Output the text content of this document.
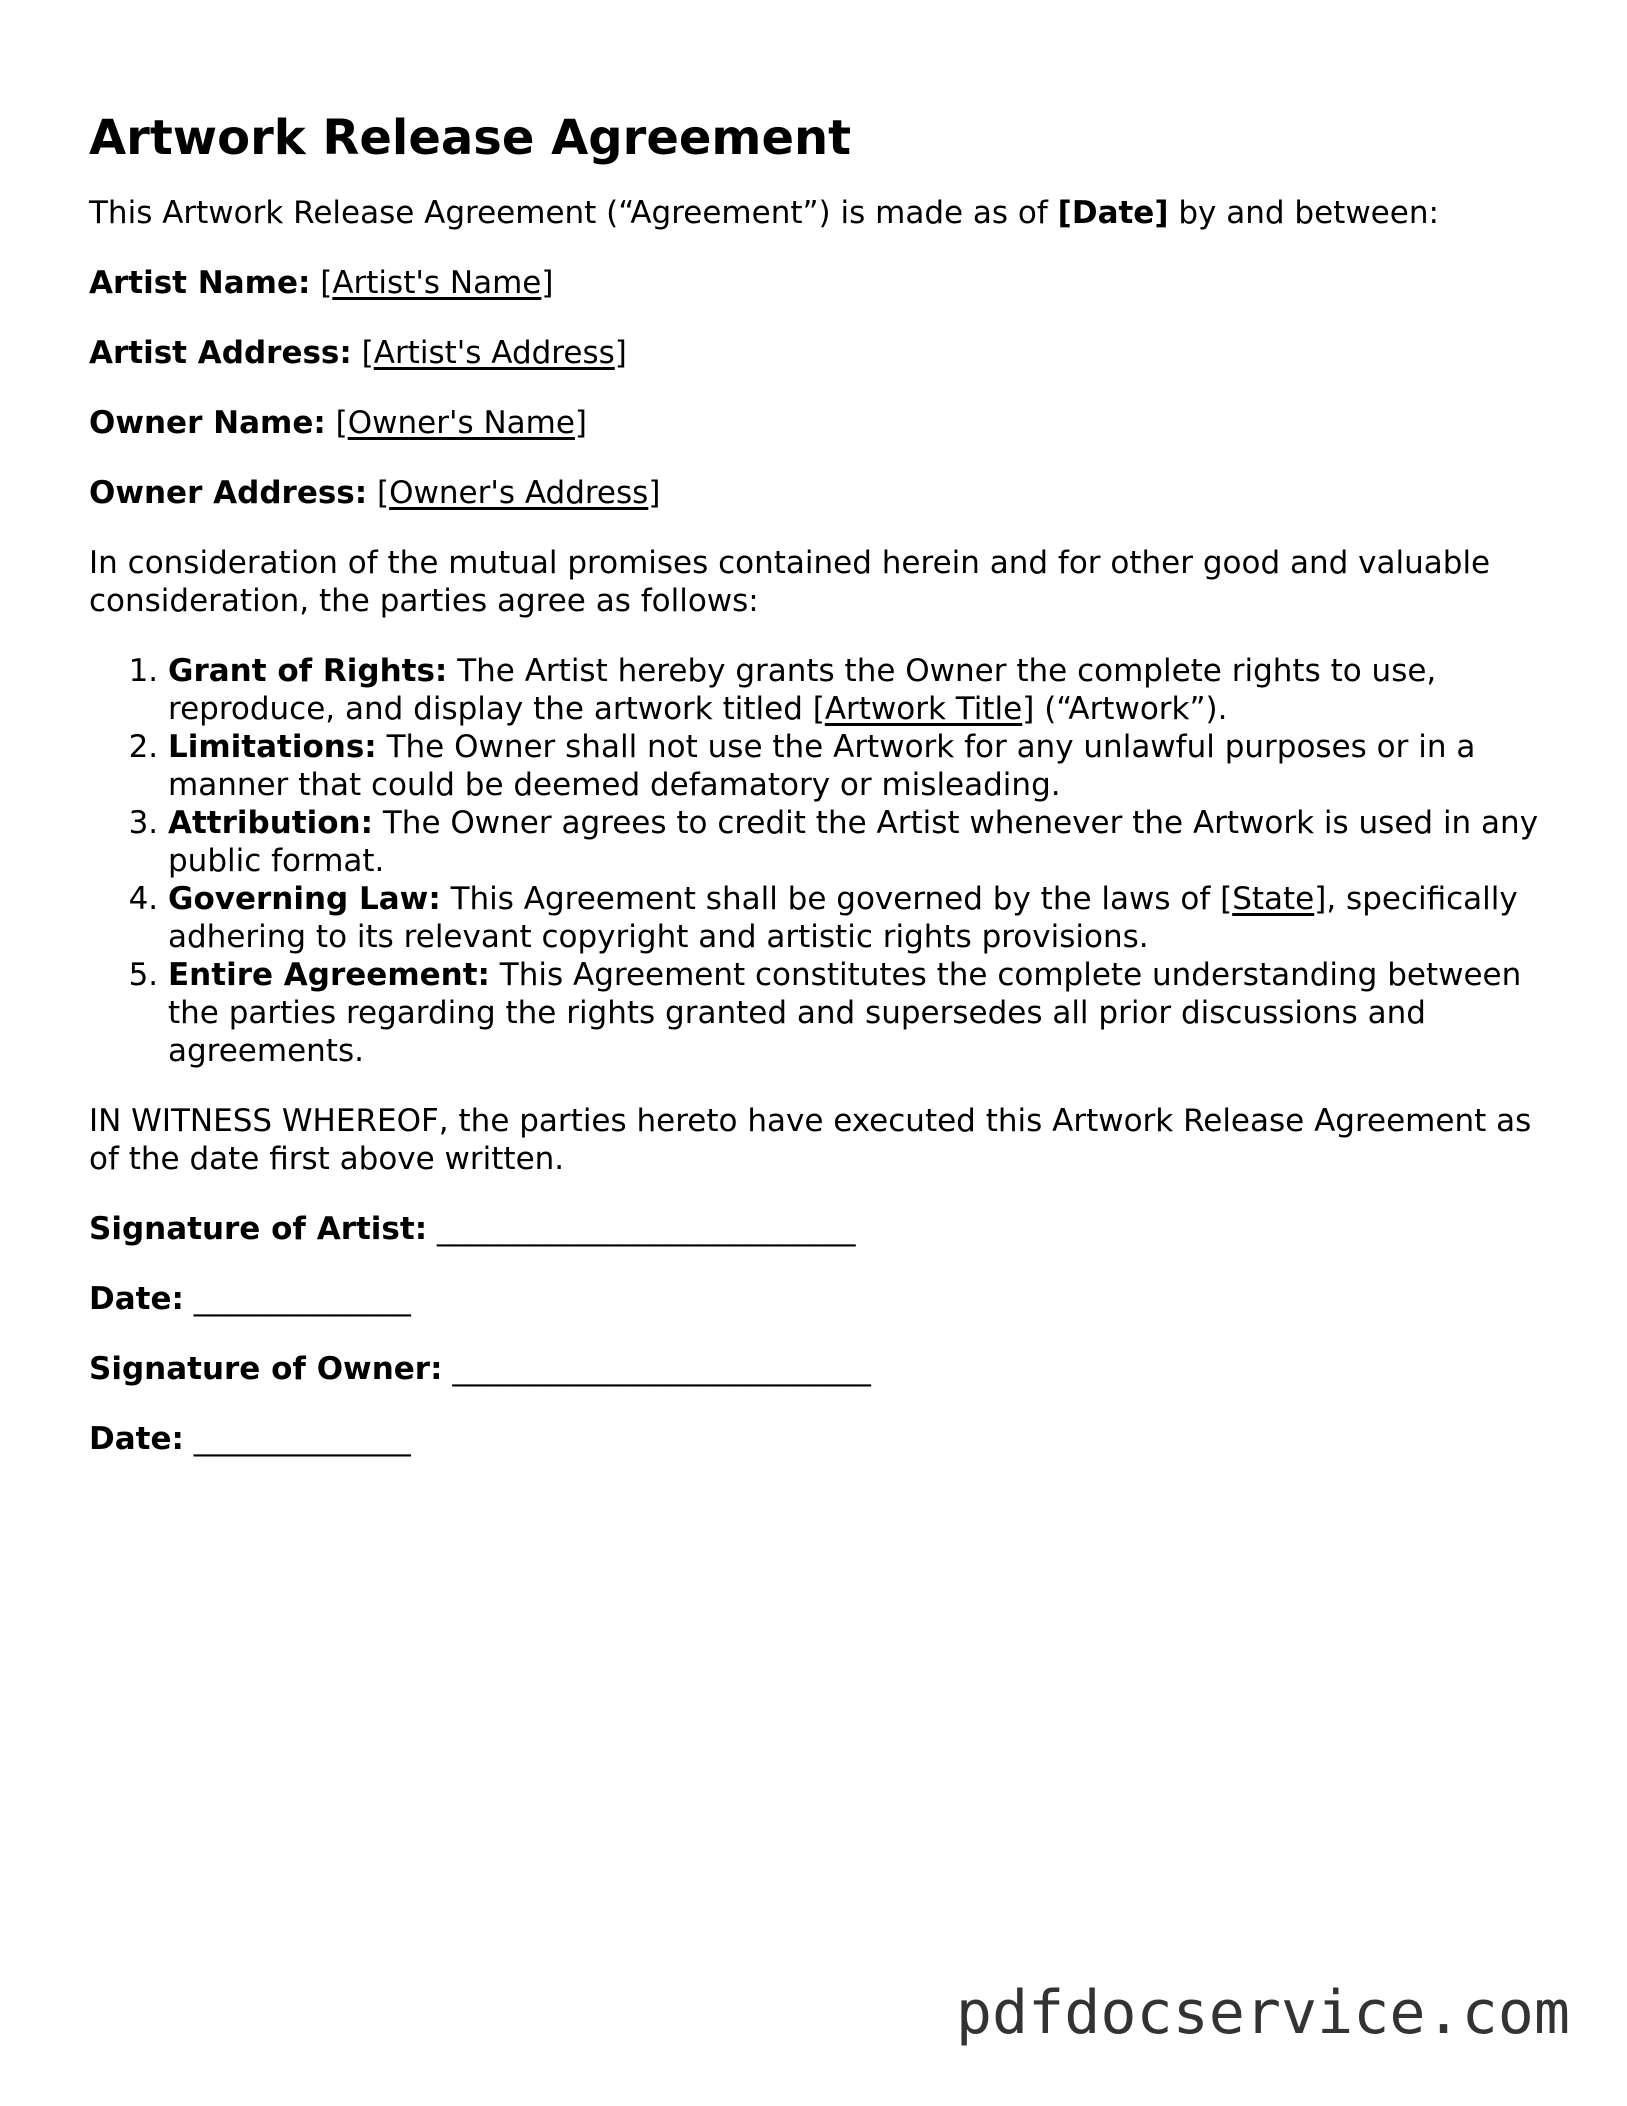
Artwork Release Agreement

This Artwork Release Agreement (“Agreement”) is made as of [Date] by and between:

Artist Name: [Artist's Name]

Artist Address: [Artist's Address]

Owner Name: [Owner's Name]

Owner Address: [Owner's Address]

In consideration of the mutual promises contained herein and for other good and valuable consideration, the parties agree as follows:

1. Grant of Rights: The Artist hereby grants the Owner the complete rights to use, reproduce, and display the artwork titled [Artwork Title] (“Artwork”).
2. Limitations: The Owner shall not use the Artwork for any unlawful purposes or in a manner that could be deemed defamatory or misleading.
3. Attribution: The Owner agrees to credit the Artist whenever the Artwork is used in any public format.
4. Governing Law: This Agreement shall be governed by the laws of [State], specifically adhering to its relevant copyright and artistic rights provisions.
5. Entire Agreement: This Agreement constitutes the complete understanding between the parties regarding the rights granted and supersedes all prior discussions and agreements.

IN WITNESS WHEREOF, the parties hereto have executed this Artwork Release Agreement as of the date first above written.

Signature of Artist: ___________________________

Date: ______________

Signature of Owner: ___________________________

Date: ______________

pdfdocservice.com
